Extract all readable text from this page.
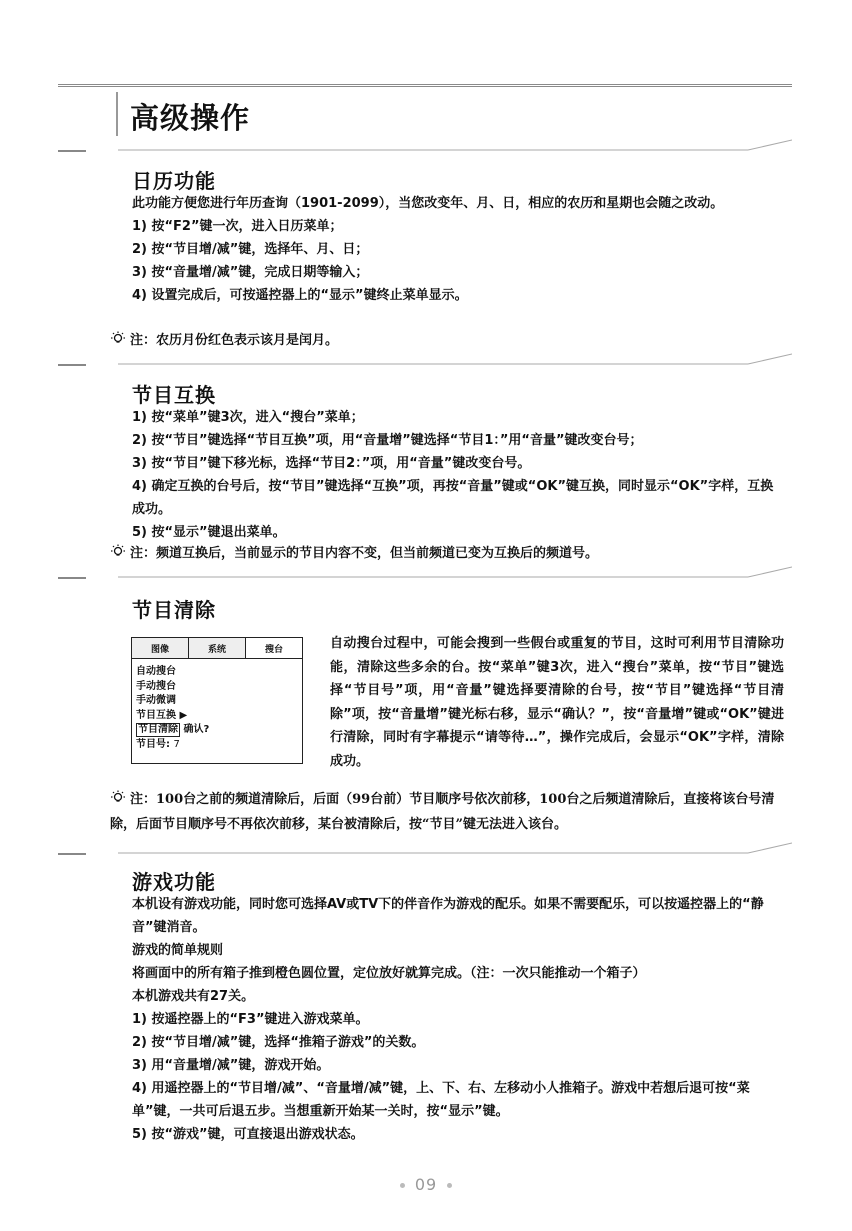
高级操作
日历功能

此功能方便您进行年历查询（1901-2099），当您改变年、月、日，相应的农历和星期也会随之改动。

1) 按“F2”键一次，进入日历菜单；

2) 按“节目增/减”键，选择年、月、日；

3) 按“音量增/减”键，完成日期等输入；

4) 设置完成后，可按遥控器上的“显示”键终止菜单显示。

注：农历月份红色表示该月是闰月。
节目互换

1) 按“菜单”键3次，进入“搜台”菜单；

2) 按“节目”键选择“节目互换”项，用“音量增”键选择“节目1：”用“音量”键改变台号；

3) 按“节目”键下移光标，选择“节目2：”项，用“音量”键改变台号。

4) 确定互换的台号后，按“节目”键选择“互换”项，再按“音量”键或“OK”键互换，同时显示“OK”字样，互换成功。

5) 按“显示”键退出菜单。

注：频道互换后，当前显示的节目内容不变，但当前频道已变为互换后的频道号。
节目清除
图像	系统	搜台
自动搜台
手动搜台
手动微调
节目互换 ▶
节目清除 确认?
节目号: 7

自动搜台过程中，可能会搜到一些假台或重复的节目，这时可利用节目清除功能，清除这些多余的台。按“菜单”键3次，进入“搜台”菜单，按“节目”键选择“节目号”项，用“音量”键选择要清除的台号，按“节目”键选择“节目清除”项，按“音量增”键光标右移，显示“确认？”，按“音量增”键或“OK”键进行清除，同时有字幕提示“请等待…”，操作完成后，会显示“OK”字样，清除成功。

注：100台之前的频道清除后，后面（99台前）节目顺序号依次前移，100台之后频道清除后，直接将该台号清除，后面节目顺序号不再依次前移，某台被清除后，按“节目”键无法进入该台。
游戏功能

本机设有游戏功能，同时您可选择AV或TV下的伴音作为游戏的配乐。如果不需要配乐，可以按遥控器上的“静音”键消音。

游戏的简单规则

将画面中的所有箱子推到橙色圆位置，定位放好就算完成。（注：一次只能推动一个箱子）

本机游戏共有27关。

1) 按遥控器上的“F3”键进入游戏菜单。

2) 按“节目增/减”键，选择“推箱子游戏”的关数。

3) 用“音量增/减”键，游戏开始。

4) 用遥控器上的“节目增/减”、“音量增/减”键，上、下、右、左移动小人推箱子。游戏中若想后退可按“菜单”键，一共可后退五步。当想重新开始某一关时，按“显示”键。

5) 按“游戏”键，可直接退出游戏状态。

09
